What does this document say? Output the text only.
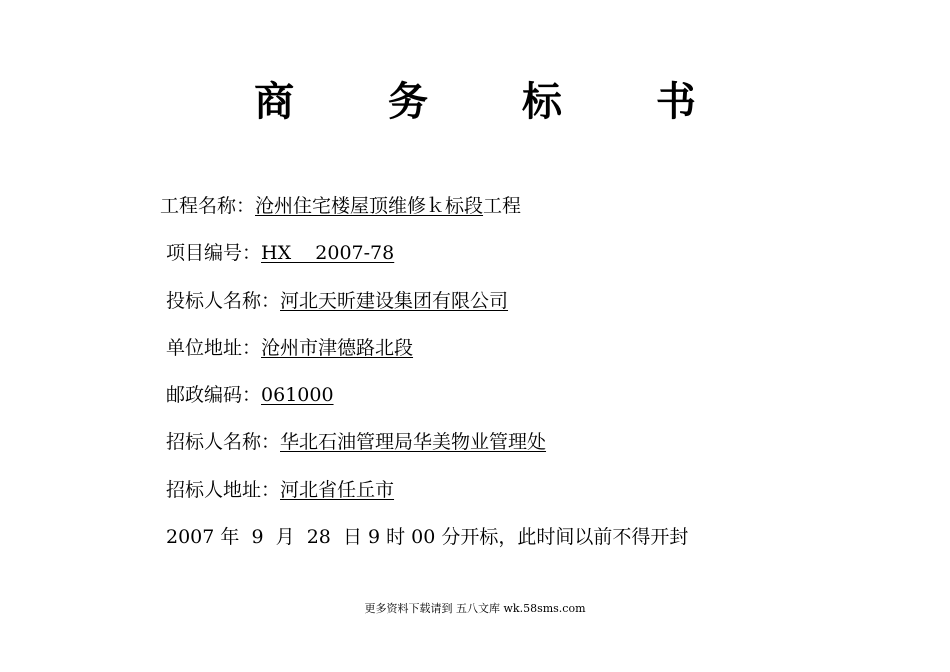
商 务 标 书
工程名称：沧州住宅楼屋顶维修ｋ标段工程
项目编号：HX    2007-78
投标人名称：河北天昕建设集团有限公司
单位地址：沧州市津德路北段
邮政编码：061000
招标人名称：华北石油管理局华美物业管理处
招标人地址：河北省任丘市
2007 年  9  月  28  日 9 时 00 分开标，此时间以前不得开封
更多资料下载请到 五八文库 wk.58sms.com
